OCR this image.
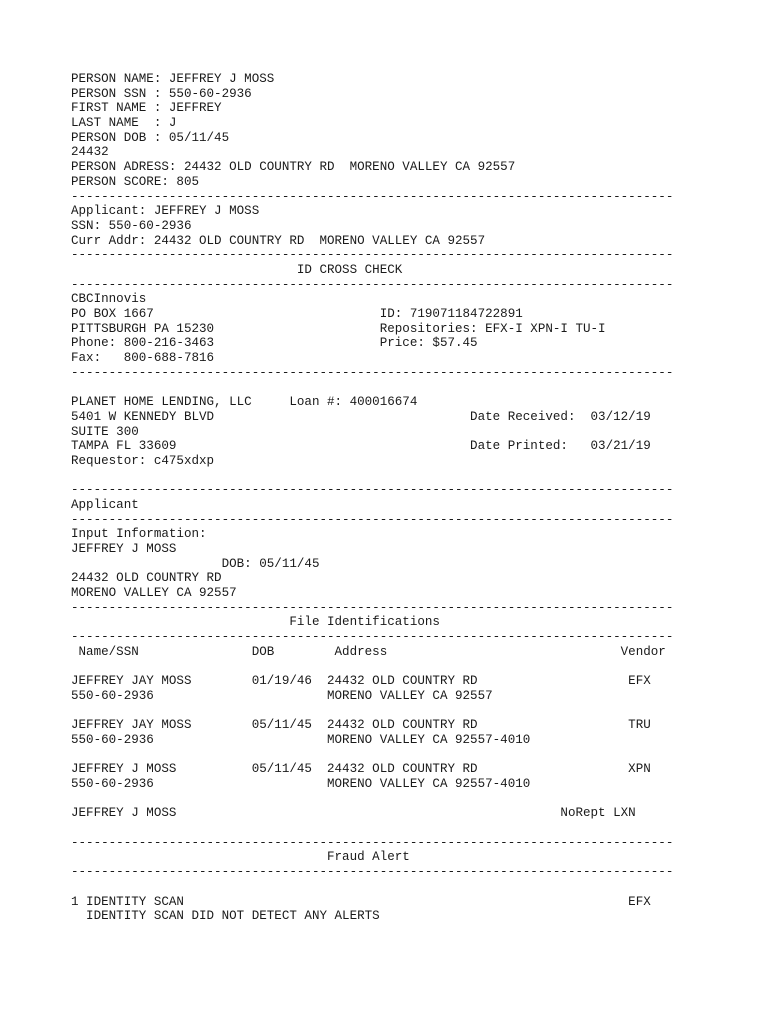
PERSON NAME: JEFFREY J MOSS
PERSON SSN : 550-60-2936
FIRST NAME : JEFFREY
LAST NAME  : J
PERSON DOB : 05/11/45
24432
PERSON ADRESS: 24432 OLD COUNTRY RD  MORENO VALLEY CA 92557
PERSON SCORE: 805
--------------------------------------------------------------------------------
Applicant: JEFFREY J MOSS
SSN: 550-60-2936
Curr Addr: 24432 OLD COUNTRY RD  MORENO VALLEY CA 92557
--------------------------------------------------------------------------------
ID CROSS CHECK
--------------------------------------------------------------------------------
CBCInnovis
PO BOX 1667                              ID: 719071184722891
PITTSBURGH PA 15230                      Repositories: EFX-I XPN-I TU-I
Phone: 800-216-3463                      Price: $57.45
Fax:   800-688-7816
--------------------------------------------------------------------------------
PLANET HOME LENDING, LLC     Loan #: 400016674
5401 W KENNEDY BLVD                                  Date Received:  03/12/19
SUITE 300
TAMPA FL 33609                                       Date Printed:   03/21/19
Requestor: c475xdxp
--------------------------------------------------------------------------------
Applicant
--------------------------------------------------------------------------------
Input Information:
JEFFREY J MOSS
DOB: 05/11/45
24432 OLD COUNTRY RD
MORENO VALLEY CA 92557
--------------------------------------------------------------------------------
File Identifications
--------------------------------------------------------------------------------
Name/SSN               DOB        Address                               Vendor
JEFFREY JAY MOSS        01/19/46  24432 OLD COUNTRY RD                    EFX
550-60-2936                       MORENO VALLEY CA 92557
JEFFREY JAY MOSS        05/11/45  24432 OLD COUNTRY RD                    TRU
550-60-2936                       MORENO VALLEY CA 92557-4010
JEFFREY J MOSS          05/11/45  24432 OLD COUNTRY RD                    XPN
550-60-2936                       MORENO VALLEY CA 92557-4010
JEFFREY J MOSS                                                   NoRept LXN
--------------------------------------------------------------------------------
Fraud Alert
--------------------------------------------------------------------------------
1 IDENTITY SCAN                                                           EFX
IDENTITY SCAN DID NOT DETECT ANY ALERTS
